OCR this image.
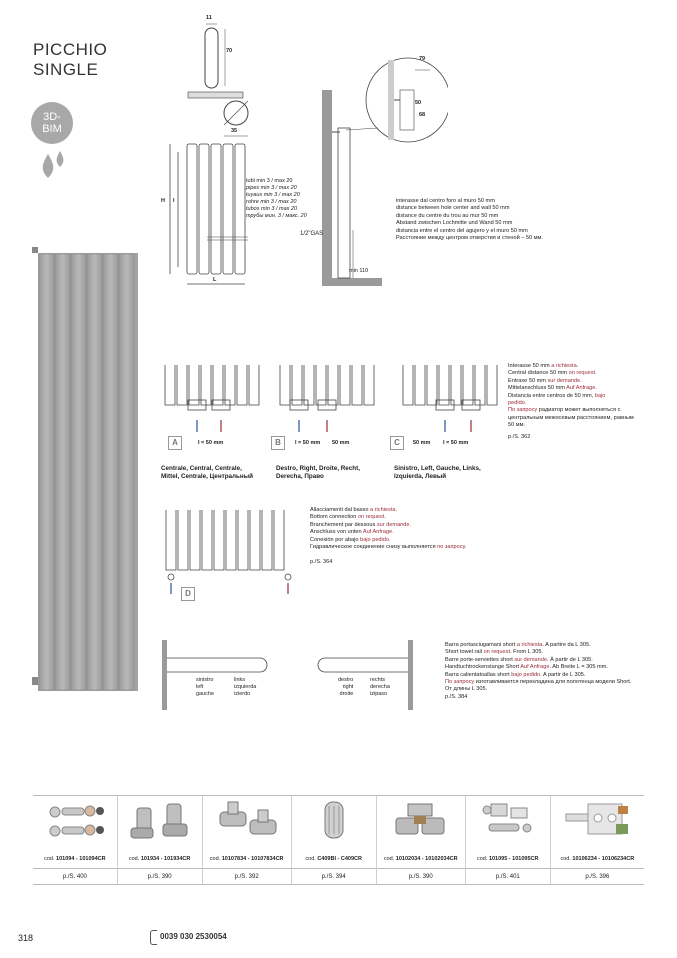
PICCHIO
SINGLE
3D-
BIM
11
70
35
H I
L
tubi min 3 / max 20
pipes min 3 / max 20
tuyaux min 3 / max 20
rohre min 3 / max 20
tubos min 3 / max 20
трубы мин. 3 / макс. 20
79
50
68
1/2"GAS
min 110
interasse dal centro foro al muro 50 mm
distance between hole center and wall 50 mm
distance du centre du trou au mur 50 mm
Abstand zwischen Lochmitte und Wand 50 mm
distancia entre el centro del agujero y el muro 50 mm
Расстояние между центром отверстия и стеной – 50 мм.
A	I = 50 mm	B	I = 50 mm 50 mm	C	50 mm I = 50 mm
Centrale, Central, Centrale,
Mittel, Centrale, Центральный
Destro, Right, Droite, Recht,
Derecha, Право
Sinistro, Left, Gauche, Links,
Izquierda, Левый
Interasse 50 mm a richiesta.
Central distance 50 mm on request.
Entraxe 50 mm sur demande.
Mittelanschluss 50 mm Auf Anfrage.
Distancia entre centros de 50 mm, bajo
pedido.
По запросу радиатор может выполняться с
центральным межосевым расстоянием, равным
50 мм.
p./S. 362
D
Allacciamenti dal basso a richiesta.
Bottom connection on request.
Branchement par dessous sur demande.
Anschluss von unten Auf Anfrage.
Conexión por abajo bajo pedido.
Гидравлическое соединение снизу выполняется по запросу.
p./S. 364
sinistro
left
gauche
links
izquierda
izierdo
destro
right
droite
rechts
derecha
izipaso
Barra portasciugamani short a richiesta. A partire da L 305.
Short towel rail on request. From L 305.
Barre porte-serviettes short sur demande. À partir de L 305.
Handtuchtrockenstange Short Auf Anfrage. Ab Breite L = 305 mm.
Barra calientatoallas short bajo pedido. A partir de L 305.
По запросу изготавливается перекладина для полотенца модели Short.
От длины L 305.
p./S. 384

cod. 101094 - 101094CR	cod. 101934 - 101934CR	cod. 10107834 - 10107834CR	cod. C409BI - C409CR	cod. 10102034 - 10102034CR	cod. 101095 - 101095CR	cod. 10106234 - 10106234CR
p./S. 400	p./S. 390	p./S. 392	p./S. 394	p./S. 390	p./S. 401	p./S. 396
318	0039 030 2530054
